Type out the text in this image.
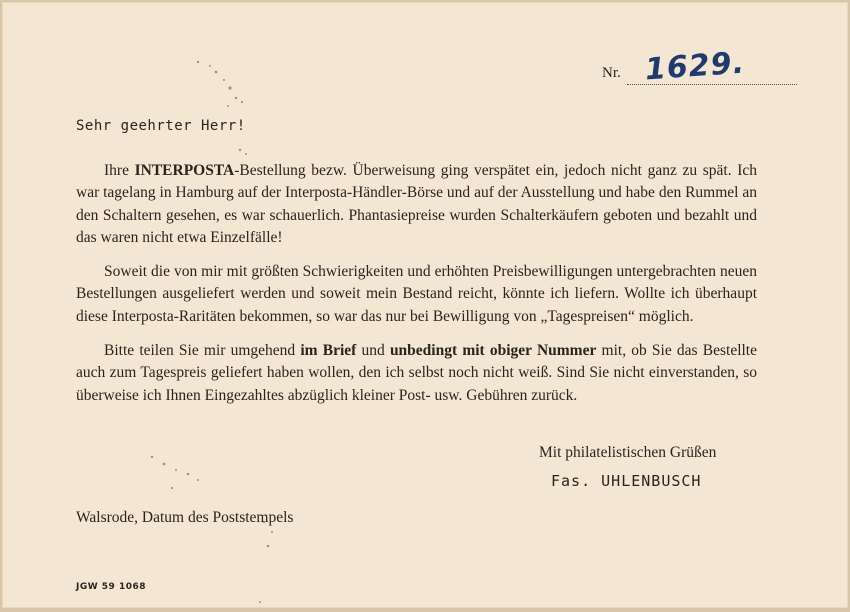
Nr. 1629.
Sehr geehrter Herr!

Ihre INTERPOSTA-Bestellung bezw. Überweisung ging verspätet ein, jedoch nicht ganz zu spät. Ich war tagelang in Hamburg auf der Interposta-Händler-Börse und auf der Ausstellung und habe den Rummel an den Schaltern gesehen, es war schauerlich. Phantasiepreise wurden Schalterkäufern geboten und bezahlt und das waren nicht etwa Einzelfälle!

Soweit die von mir mit größten Schwierigkeiten und erhöhten Preisbewilligungen untergebrachten neuen Bestellungen ausgeliefert werden und soweit mein Bestand reicht, könnte ich liefern. Wollte ich überhaupt diese Interposta-Raritäten bekommen, so war das nur bei Bewilligung von „Tagespreisen“ möglich.

Bitte teilen Sie mir umgehend im Brief und unbedingt mit obiger Nummer mit, ob Sie das Bestellte auch zum Tagespreis geliefert haben wollen, den ich selbst noch nicht weiß. Sind Sie nicht einverstanden, so überweise ich Ihnen Eingezahltes abzüglich kleiner Post- usw. Gebühren zurück.

Mit philatelistischen Grüßen
Fas. UHLENBUSCH
Walsrode, Datum des Poststempels
JGW 59 1068
